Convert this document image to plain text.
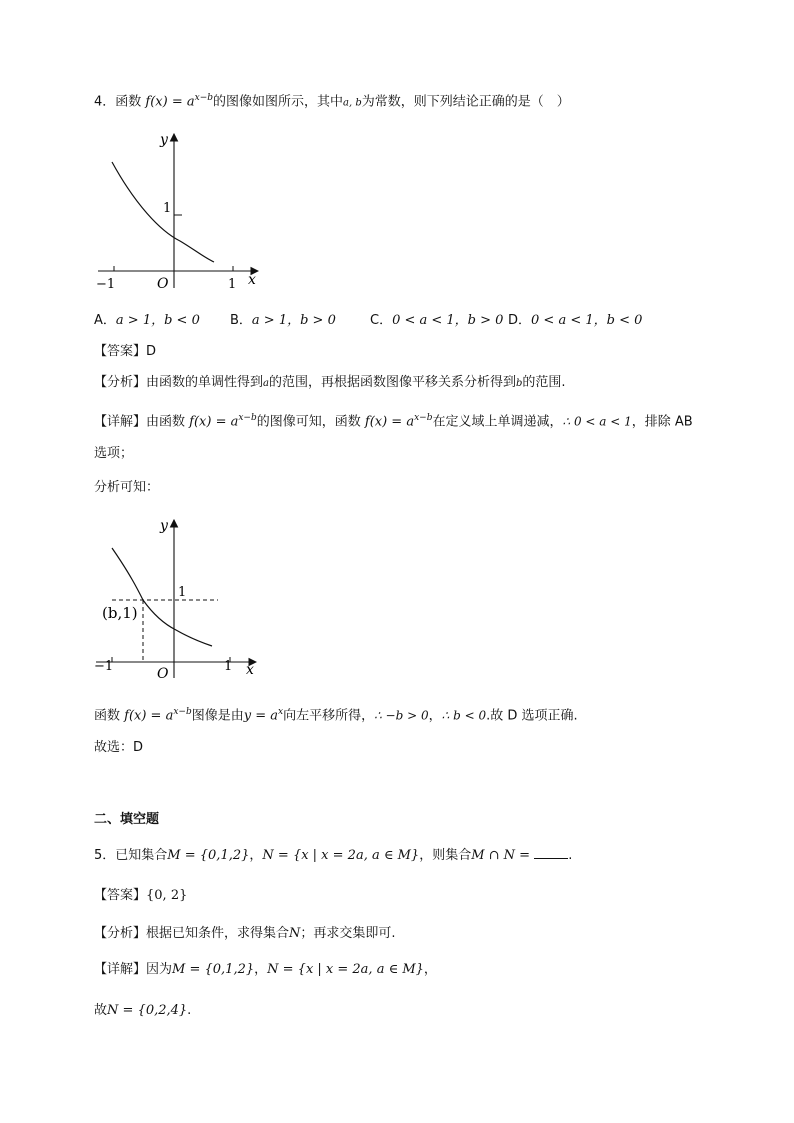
4．函数 $f(x) = a^{x-b}$的图像如图所示，其中a, b为常数，则下列结论正确的是（　）
y
1
O
−1	1 x
A．a > 1，b < 0 B．a > 1，b > 0	C．0 < a < 1，b > 0 D．0 < a < 1，b < 0
【答案】D
【分析】由函数的单调性得到a的范围，再根据函数图像平移关系分析得到b的范围.
【详解】由函数 $f(x) = a^{x-b}$的图像可知，函数 $f(x) = a^{x-b}$在定义域上单调递减，∴ 0 < a < 1，排除 AB
选项；
分析可知：
y
1
(b,1)
O
−1	1 x
函数 $f(x) = a^{x-b}$图像是由$y = a^x$向左平移所得，∴ −b > 0，∴ b < 0.故 D 选项正确.
故选：D
二、填空题
5．已知集合M = {0,1,2}，N = {x | x = 2a, a ∈ M}，则集合M ∩ N =	.
【答案】{0, 2}
【分析】根据已知条件，求得集合N；再求交集即可.
【详解】因为M = {0,1,2}，N = {x | x = 2a, a ∈ M}，
故N = {0,2,4}.
